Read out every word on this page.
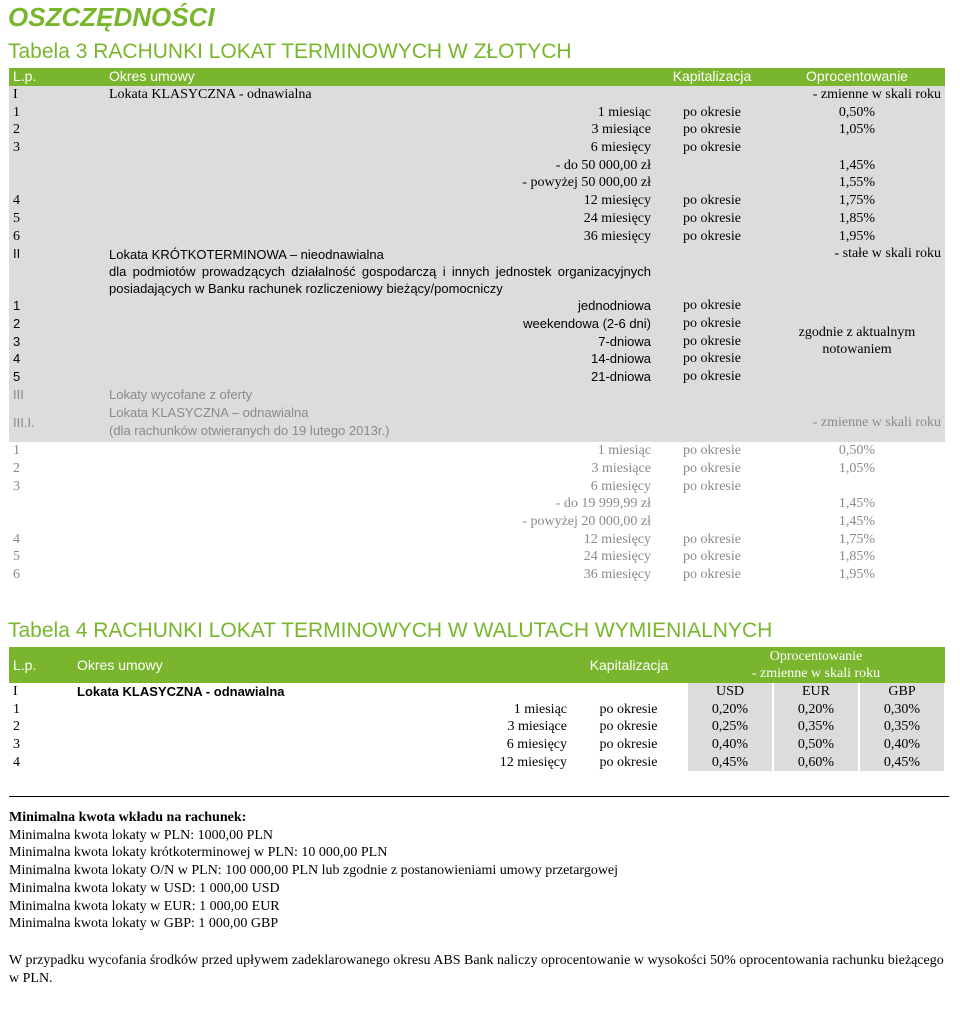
OSZCZĘDNOŚCI
Tabela 3 RACHUNKI LOKAT TERMINOWYCH W ZŁOTYCH
L.p.	Okres umowy	Kapitalizacja	Oprocentowanie
I	Lokata KLASYCZNA - odnawialna		- zmienne w skali roku
1	1 miesiąc	po okresie	0,50%
2	3 miesiące	po okresie	1,05%
3	6 miesięcy	po okresie	
	- do 50 000,00 zł		1,45%
	- powyżej 50 000,00 zł		1,55%
4	12 miesięcy	po okresie	1,75%
5	24 miesięcy	po okresie	1,85%
6	36 miesięcy	po okresie	1,95%
II	Lokata KRÓTKOTERMINOWA – nieodnawialna
dla podmiotów prowadzących działalność gospodarczą i innych jednostek organizacyjnych posiadających w Banku rachunek rozliczeniowy bieżący/pomocniczy		- stałe w skali roku
1	jednodniowa	po okresie	zgodnie z aktualnym notowaniem
2	weekendowa (2-6 dni)	po okresie	
3	7-dniowa	po okresie	
4	14-dniowa	po okresie	
5	21-dniowa	po okresie	
III	Lokaty wycofane z oferty		
III.I.	Lokata KLASYCZNA – odnawialna
(dla rachunków otwieranych do 19 lutego 2013r.)		- zmienne w skali roku
1	1 miesiąc	po okresie	0,50%
2	3 miesiące	po okresie	1,05%
3	6 miesięcy	po okresie	
	- do 19 999,99 zł		1,45%
	- powyżej 20 000,00 zł		1,45%
4	12 miesięcy	po okresie	1,75%
5	24 miesięcy	po okresie	1,85%
6	36 miesięcy	po okresie	1,95%
Tabela 4 RACHUNKI LOKAT TERMINOWYCH W WALUTACH WYMIENIALNYCH
L.p.	Okres umowy	Kapitalizacja	Oprocentowanie
- zmienne w skali roku		

I	Lokata KLASYCZNA - odnawialna		USD	EUR	GBP
1	1 miesiąc	po okresie	0,20%	0,20%	0,30%
2	3 miesiące	po okresie	0,25%	0,35%	0,35%
3	6 miesięcy	po okresie	0,40%	0,50%	0,40%
4	12 miesięcy	po okresie	0,45%	0,60%	0,45%

Minimalna kwota wkładu na rachunek:

Minimalna kwota lokaty w PLN: 1000,00 PLN

Minimalna kwota lokaty krótkoterminowej w PLN: 10 000,00 PLN

Minimalna kwota lokaty O/N w PLN: 100 000,00 PLN lub zgodnie z postanowieniami umowy przetargowej

Minimalna kwota lokaty w USD: 1 000,00 USD

Minimalna kwota lokaty w EUR: 1 000,00 EUR

Minimalna kwota lokaty w GBP: 1 000,00 GBP

W przypadku wycofania środków przed upływem zadeklarowanego okresu ABS Bank naliczy oprocentowanie w wysokości 50% oprocentowania rachunku bieżącego w PLN.
